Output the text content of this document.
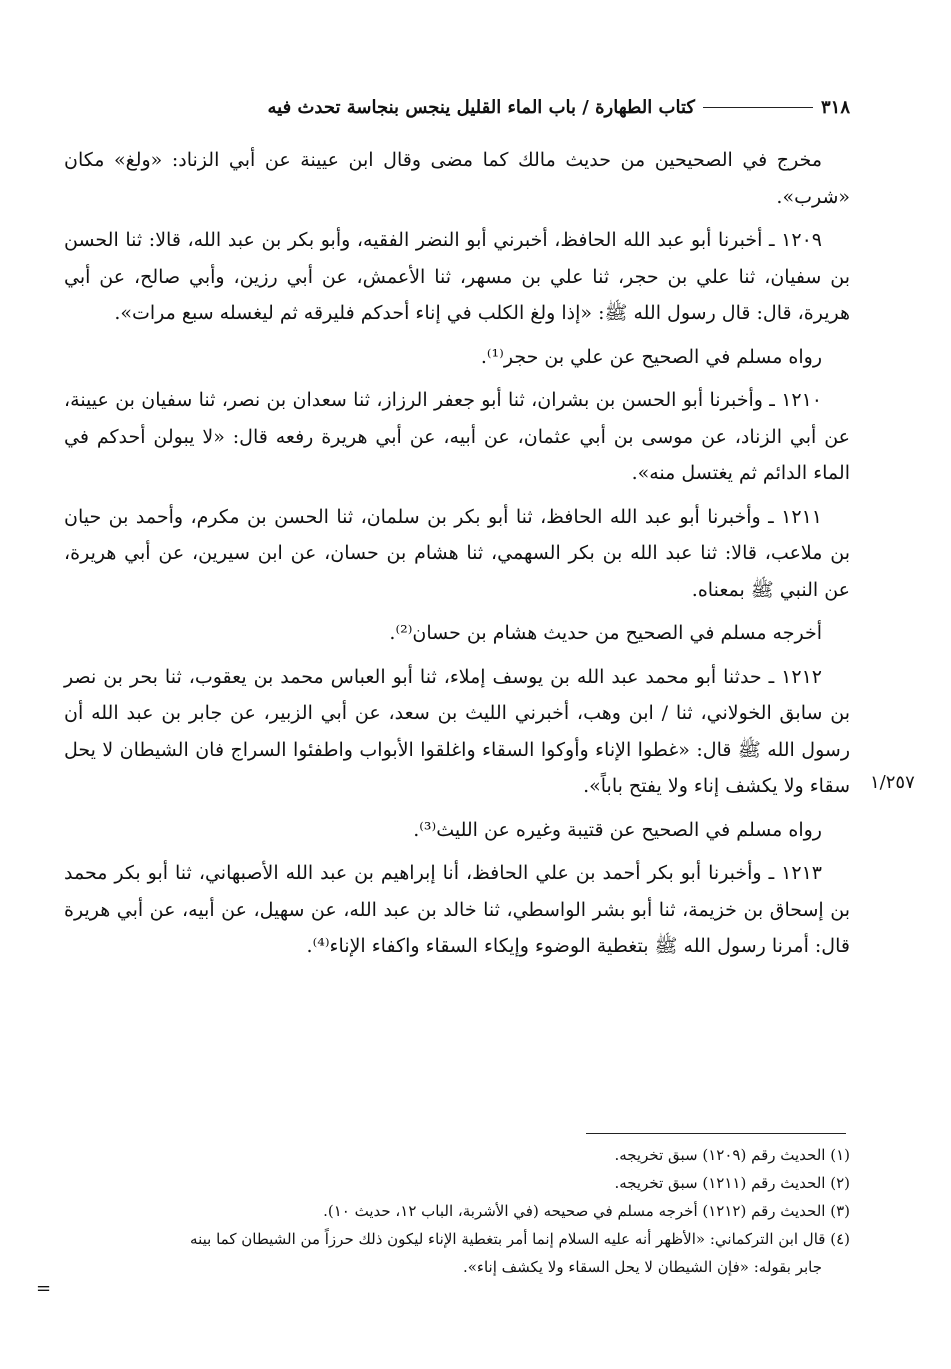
٣١٨
كتاب الطهارة / باب الماء القليل ينجس بنجاسة تحدث فيه

مخرج في الصحيحين من حديث مالك كما مضى وقال ابن عيينة عن أبي الزناد: «ولغ» مكان «شرب».

١٢٠٩ ـ أخبرنا أبو عبد الله الحافظ، أخبرني أبو النضر الفقيه، وأبو بكر بن عبد الله، قالا: ثنا الحسن بن سفيان، ثنا علي بن حجر، ثنا علي بن مسهر، ثنا الأعمش، عن أبي رزين، وأبي صالح، عن أبي هريرة، قال: قال رسول الله ﷺ: «إذا ولغ الكلب في إناء أحدكم فليرقه ثم ليغسله سبع مرات».

رواه مسلم في الصحيح عن علي بن حجر⁽¹⁾.

١٢١٠ ـ وأخبرنا أبو الحسن بن بشران، ثنا أبو جعفر الرزاز، ثنا سعدان بن نصر، ثنا سفيان بن عيينة، عن أبي الزناد، عن موسى بن أبي عثمان، عن أبيه، عن أبي هريرة رفعه قال: «لا يبولن أحدكم في الماء الدائم ثم يغتسل منه».

١٢١١ ـ وأخبرنا أبو عبد الله الحافظ، ثنا أبو بكر بن سلمان، ثنا الحسن بن مكرم، وأحمد بن حيان بن ملاعب، قالا: ثنا عبد الله بن بكر السهمي، ثنا هشام بن حسان، عن ابن سيرين، عن أبي هريرة، عن النبي ﷺ بمعناه.

أخرجه مسلم في الصحيح من حديث هشام بن حسان⁽²⁾.

١٢١٢ ـ حدثنا أبو محمد عبد الله بن يوسف إملاء، ثنا أبو العباس محمد بن يعقوب، ثنا بحر بن نصر بن سابق الخولاني، ثنا / ابن وهب، أخبرني الليث بن سعد، عن أبي الزبير، عن جابر بن عبد الله أن رسول الله ﷺ قال: «غطوا الإناء وأوكوا السقاء واغلقوا الأبواب واطفئوا السراج فان الشيطان لا يحل سقاء ولا يكشف إناء ولا يفتح باباً».

رواه مسلم في الصحيح عن قتيبة وغيره عن الليث⁽³⁾.

١٢١٣ ـ وأخبرنا أبو بكر أحمد بن علي الحافظ، أنا إبراهيم بن عبد الله الأصبهاني، ثنا أبو بكر محمد بن إسحاق بن خزيمة، ثنا أبو بشر الواسطي، ثنا خالد بن عبد الله، عن سهيل، عن أبيه، عن أبي هريرة قال: أمرنا رسول الله ﷺ بتغطية الوضوء وإيكاء السقاء واكفاء الإناء⁽⁴⁾.

١/٢٥٧

(١) الحديث رقم (١٢٠٩) سبق تخريجه.

(٢) الحديث رقم (١٢١١) سبق تخريجه.

(٣) الحديث رقم (١٢١٢) أخرجه مسلم في صحيحه (في الأشربة، الباب ١٢، حديث ١٠).

(٤) قال ابن التركماني: «الأظهر أنه عليه السلام إنما أمر بتغطية الإناء ليكون ذلك حرزاً من الشيطان كما بينه

جابر بقوله: «فإن الشيطان لا يحل السقاء ولا يكشف إناء».

=
